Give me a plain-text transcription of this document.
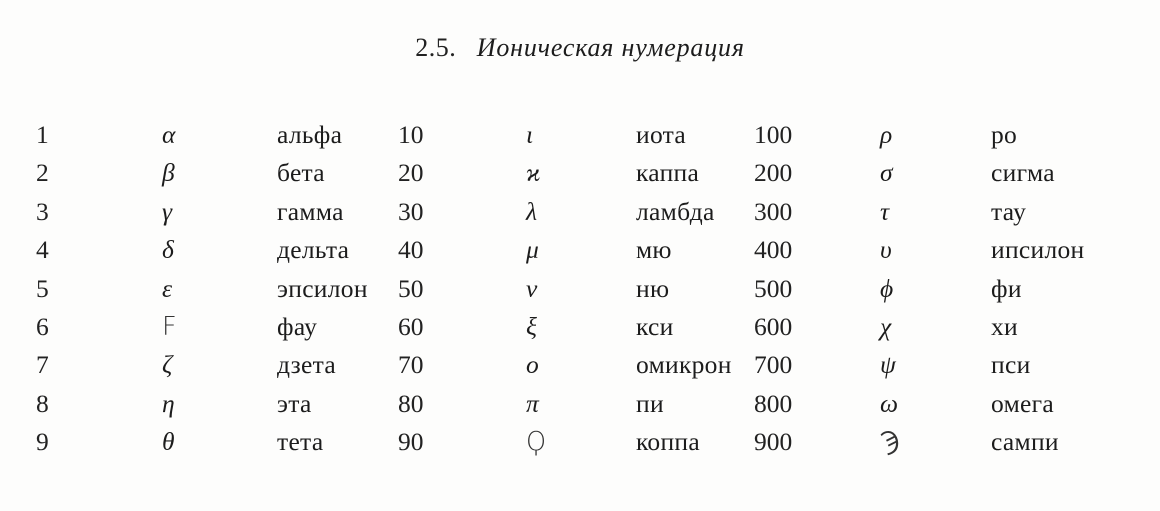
2.5. Ионическая нумерация
1	α	альфа	10	ι	иота	100	ρ	ро
2	β	бета	20	ϰ	каппа	200	σ	сигма
3	γ	гамма	30	λ	ламбда	300	τ	тау
4	δ	дельта	40	μ	мю	400	υ	ипсилон
5	ε	эпсилон	50	ν	ню	500	ϕ	фи
6	Ϝ	фау	60	ξ	кси	600	χ	хи
7	ζ	дзета	70	ο	омикрон 700	ψ	пси
8	η	эта	80	π	пи	800	ω	омега
9	θ	тета	90	Ϙ	коппа	900	Ϡ	сампи
